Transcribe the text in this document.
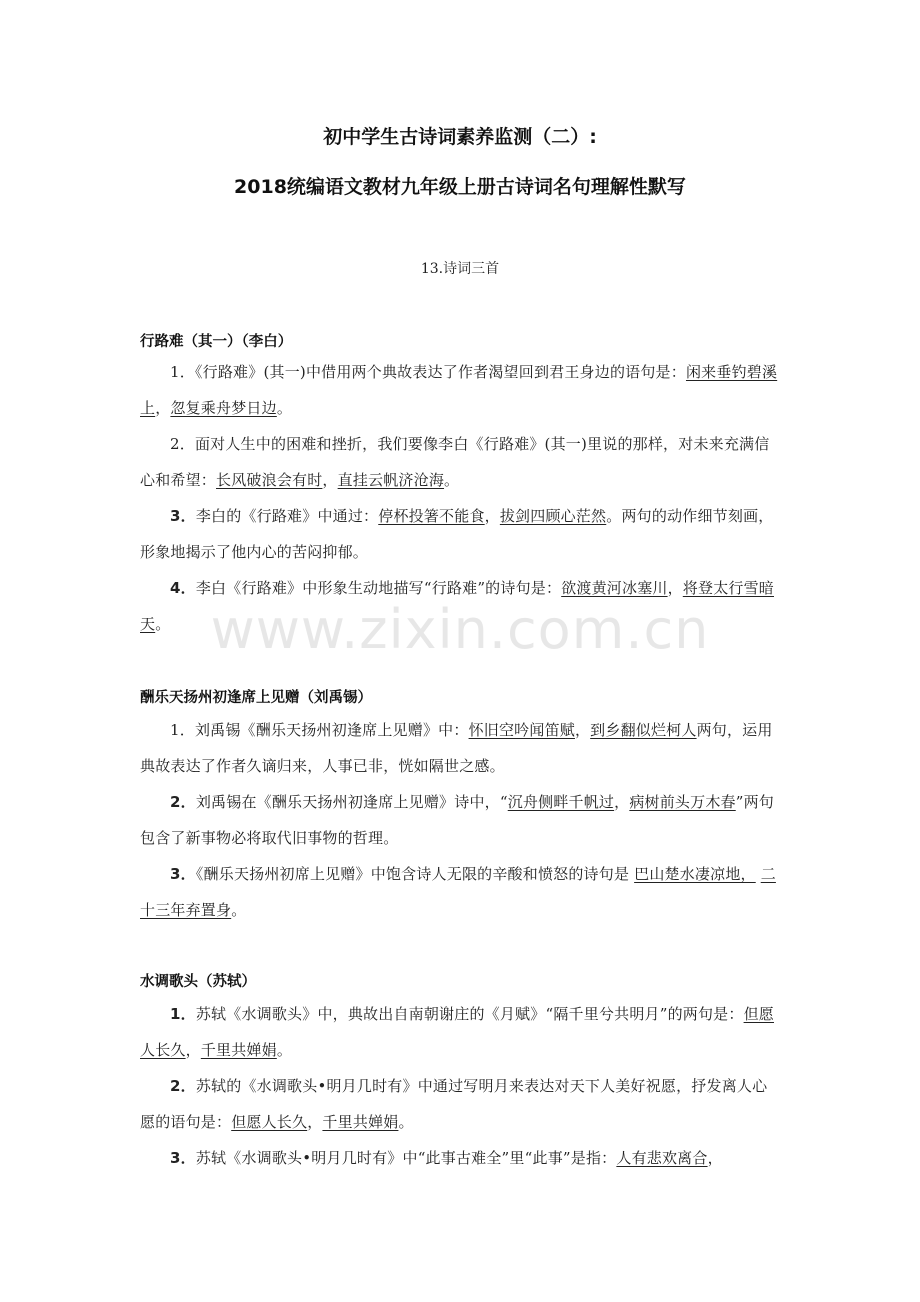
初中学生古诗词素养监测（二）:
2018统编语文教材九年级上册古诗词名句理解性默写
13.诗词三首
www.zixin.com.cn
行路难（其一）（李白）

1．《行路难》(其一)中借用两个典故表达了作者渴望回到君王身边的语句是：闲来垂钓碧溪上，忽复乘舟梦日边。

2．面对人生中的困难和挫折，我们要像李白《行路难》(其一)里说的那样，对未来充满信心和希望：长风破浪会有时，直挂云帆济沧海。

3．李白的《行路难》中通过：停杯投箸不能食，拔剑四顾心茫然。两句的动作细节刻画，形象地揭示了他内心的苦闷抑郁。

4．李白《行路难》中形象生动地描写“行路难”的诗句是：欲渡黄河冰塞川，将登太行雪暗天。

酬乐天扬州初逢席上见赠（刘禹锡）

1．刘禹锡《酬乐天扬州初逢席上见赠》中：怀旧空吟闻笛赋，到乡翻似烂柯人两句，运用典故表达了作者久谪归来，人事已非，恍如隔世之感。

2．刘禹锡在《酬乐天扬州初逢席上见赠》诗中，“沉舟侧畔千帆过，病树前头万木春”两句包含了新事物必将取代旧事物的哲理。

3．《酬乐天扬州初席上见赠》中饱含诗人无限的辛酸和愤怒的诗句是 巴山楚水凄凉地， 二十三年弃置身。

水调歌头（苏轼）

1．苏轼《水调歌头》中，典故出自南朝谢庄的《月赋》“隔千里兮共明月”的两句是：但愿人长久，千里共婵娟。

2．苏轼的《水调歌头•明月几时有》中通过写明月来表达对天下人美好祝愿，抒发离人心愿的语句是：但愿人长久，千里共婵娟。

3．苏轼《水调歌头•明月几时有》中“此事古难全”里“此事”是指：人有悲欢离合，
